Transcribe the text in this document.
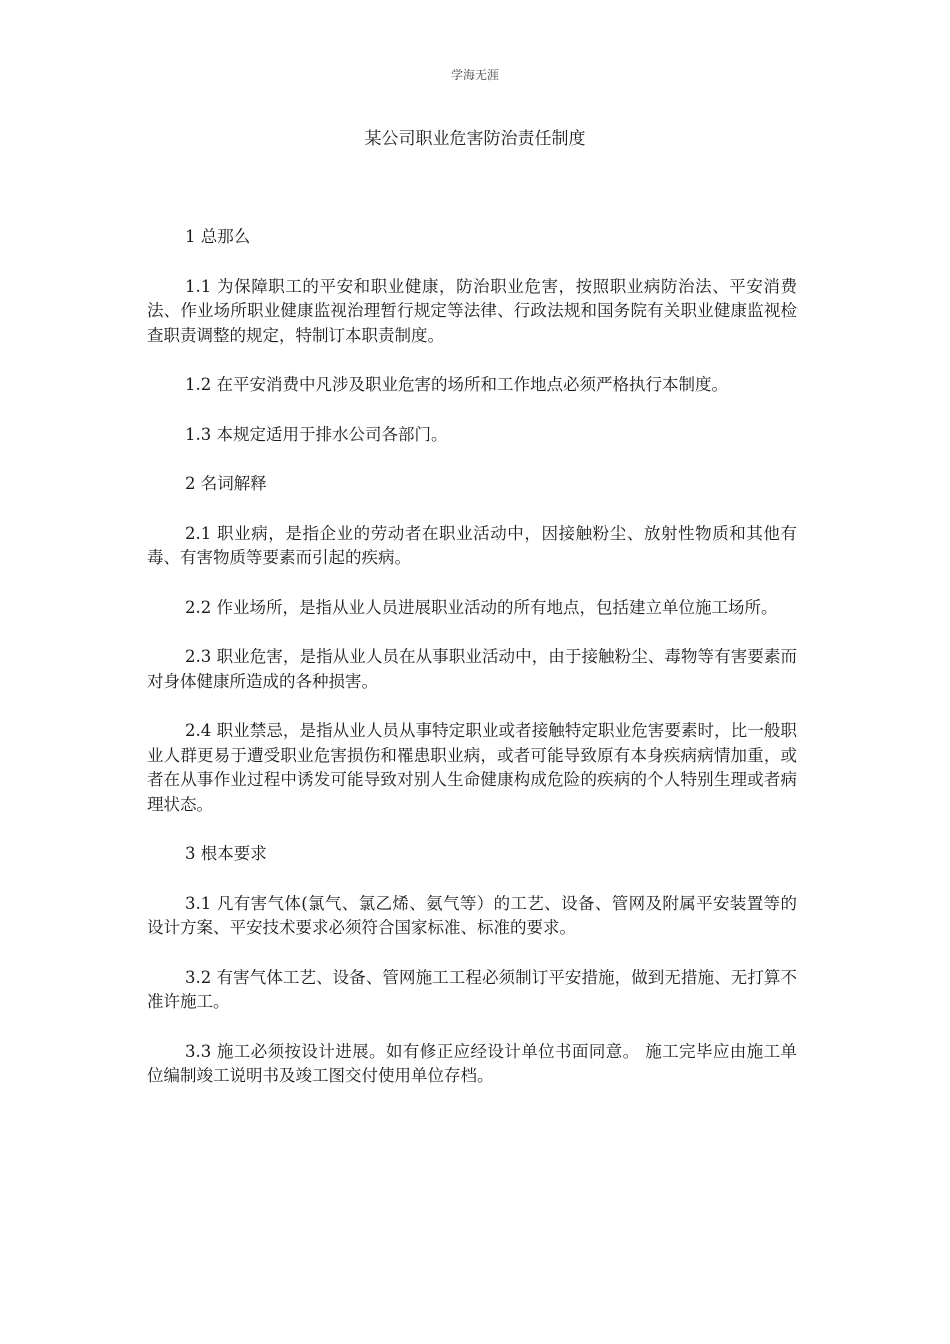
学海无涯
某公司职业危害防治责任制度

1 总那么

1.1 为保障职工的平安和职业健康，防治职业危害，按照职业病防治法、平安消费法、作业场所职业健康监视治理暂行规定等法律、行政法规和国务院有关职业健康监视检查职责调整的规定，特制订本职责制度。

1.2 在平安消费中凡涉及职业危害的场所和工作地点必须严格执行本制度。

1.3 本规定适用于排水公司各部门。

2 名词解释

2.1 职业病，是指企业的劳动者在职业活动中，因接触粉尘、放射性物质和其他有毒、有害物质等要素而引起的疾病。

2.2 作业场所，是指从业人员进展职业活动的所有地点，包括建立单位施工场所。

2.3 职业危害，是指从业人员在从事职业活动中，由于接触粉尘、毒物等有害要素而对身体健康所造成的各种损害。

2.4 职业禁忌，是指从业人员从事特定职业或者接触特定职业危害要素时，比一般职业人群更易于遭受职业危害损伤和罹患职业病，或者可能导致原有本身疾病病情加重，或者在从事作业过程中诱发可能导致对别人生命健康构成危险的疾病的个人特别生理或者病理状态。

3 根本要求

3.1 凡有害气体(氯气、氯乙烯、氨气等）的工艺、设备、管网及附属平安装置等的设计方案、平安技术要求必须符合国家标准、标准的要求。

3.2 有害气体工艺、设备、管网施工工程必须制订平安措施，做到无措施、无打算不准许施工。

3.3 施工必须按设计进展。如有修正应经设计单位书面同意。 施工完毕应由施工单位编制竣工说明书及竣工图交付使用单位存档。
